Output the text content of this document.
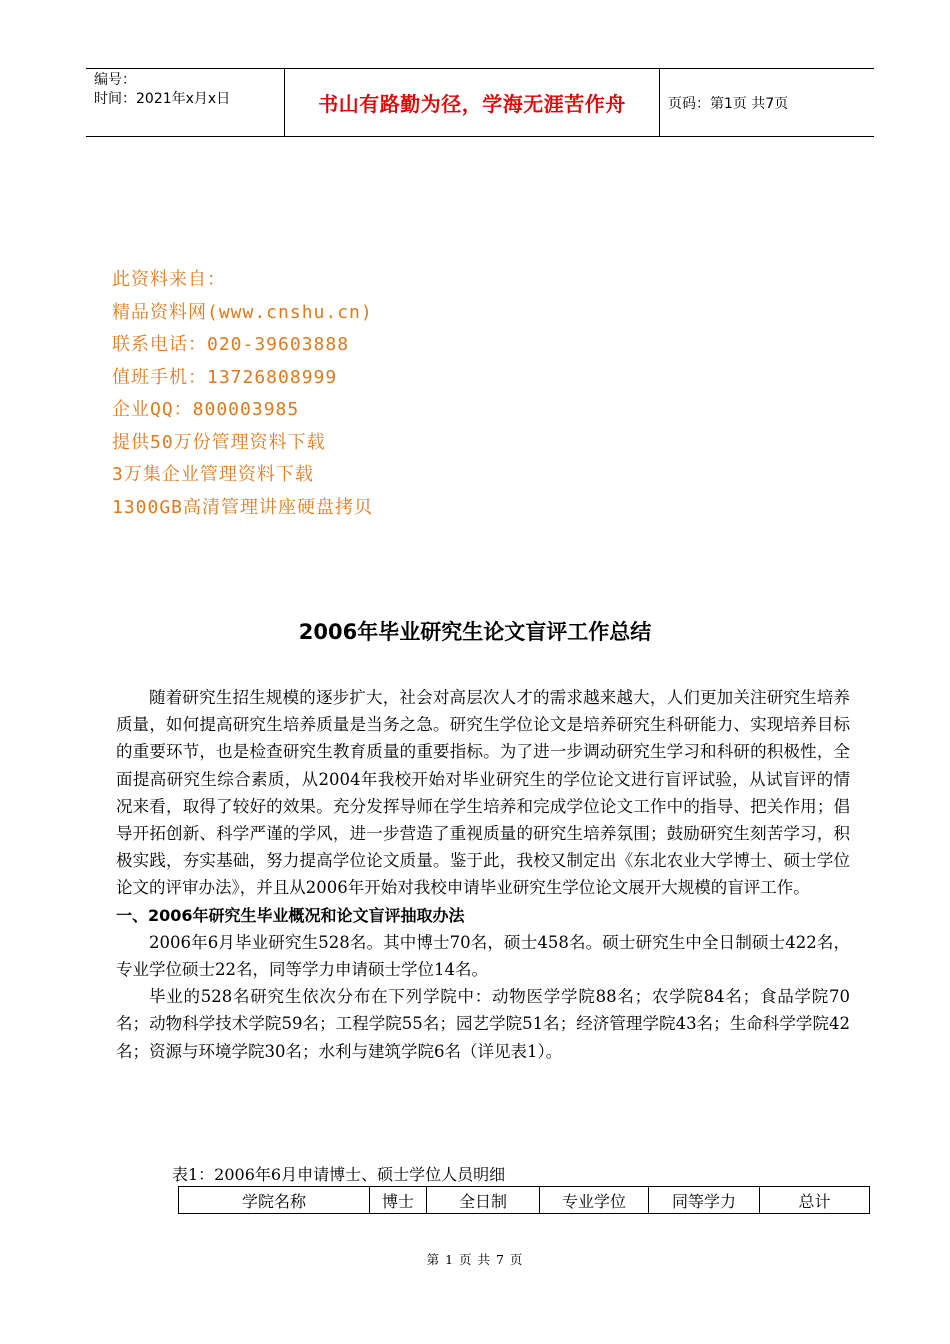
编号：
时间：2021年x月x日	书山有路勤为径，学海无涯苦作舟	页码：第1页 共7页
此资料来自：
精品资料网(www.cnshu.cn)
联系电话：020-39603888
值班手机：13726808999
企业QQ：800003985
提供50万份管理资料下载
3万集企业管理资料下载
1300GB高清管理讲座硬盘拷贝
2006年毕业研究生论文盲评工作总结

随着研究生招生规模的逐步扩大，社会对高层次人才的需求越来越大，人们更加关注研究生培养质量，如何提高研究生培养质量是当务之急。研究生学位论文是培养研究生科研能力、实现培养目标的重要环节，也是检查研究生教育质量的重要指标。为了进一步调动研究生学习和科研的积极性，全面提高研究生综合素质，从2004年我校开始对毕业研究生的学位论文进行盲评试验，从试盲评的情况来看，取得了较好的效果。充分发挥导师在学生培养和完成学位论文工作中的指导、把关作用；倡导开拓创新、科学严谨的学风，进一步营造了重视质量的研究生培养氛围；鼓励研究生刻苦学习，积极实践，夯实基础，努力提高学位论文质量。鉴于此，我校又制定出《东北农业大学博士、硕士学位论文的评审办法》，并且从2006年开始对我校申请毕业研究生学位论文展开大规模的盲评工作。

一、2006年研究生毕业概况和论文盲评抽取办法

2006年6月毕业研究生528名。其中博士70名，硕士458名。硕士研究生中全日制硕士422名，专业学位硕士22名，同等学力申请硕士学位14名。

毕业的528名研究生依次分布在下列学院中：动物医学学院88名；农学院84名；食品学院70名；动物科学技术学院59名；工程学院55名；园艺学院51名；经济管理学院43名；生命科学学院42名；资源与环境学院30名；水利与建筑学院6名（详见表1）。

表1：2006年6月申请博士、硕士学位人员明细
学院名称	博士	全日制	专业学位	同等学力	总计
第 1 页 共 7 页
